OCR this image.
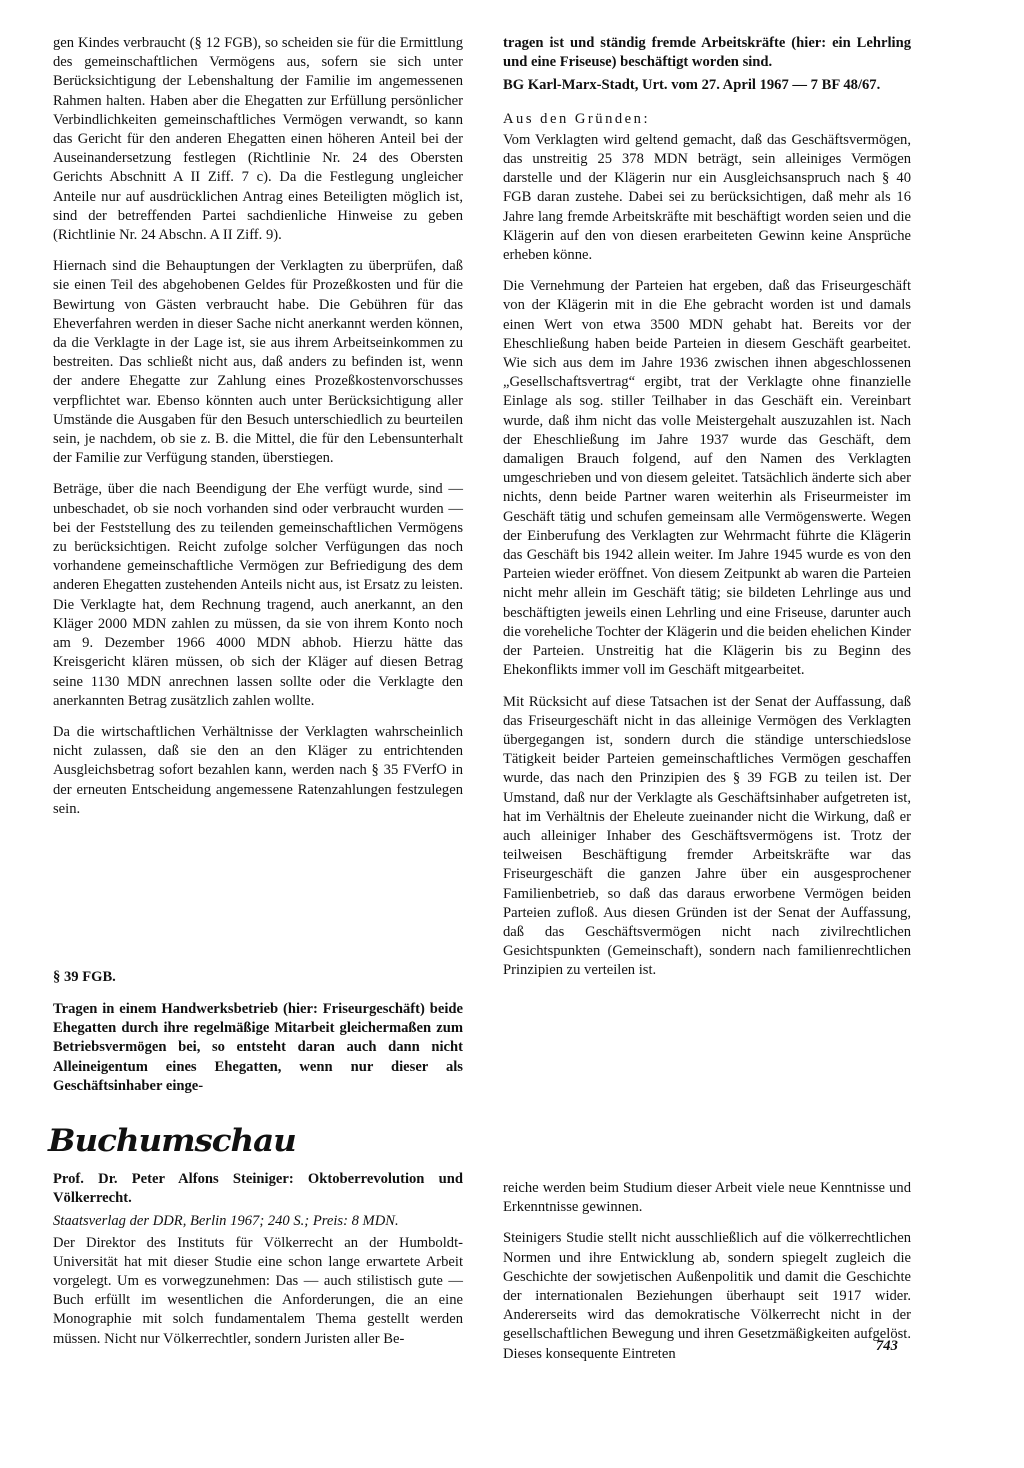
gen Kindes verbraucht (§ 12 FGB), so scheiden sie für die Ermittlung des gemeinschaftlichen Vermögens aus, sofern sie sich unter Berücksichtigung der Lebenshaltung der Familie im angemessenen Rahmen halten. Haben aber die Ehegatten zur Erfüllung persönlicher Verbindlichkeiten gemeinschaftliches Vermögen verwandt, so kann das Gericht für den anderen Ehegatten einen höheren Anteil bei der Auseinandersetzung festlegen (Richtlinie Nr. 24 des Obersten Gerichts Abschnitt A II Ziff. 7 c). Da die Festlegung ungleicher Anteile nur auf ausdrücklichen Antrag eines Beteiligten möglich ist, sind der betreffenden Partei sachdienliche Hinweise zu geben (Richtlinie Nr. 24 Abschn. A II Ziff. 9).

Hiernach sind die Behauptungen der Verklagten zu überprüfen, daß sie einen Teil des abgehobenen Geldes für Prozeßkosten und für die Bewirtung von Gästen verbraucht habe. Die Gebühren für das Eheverfahren werden in dieser Sache nicht anerkannt werden können, da die Verklagte in der Lage ist, sie aus ihrem Arbeitseinkommen zu bestreiten. Das schließt nicht aus, daß anders zu befinden ist, wenn der andere Ehegatte zur Zahlung eines Prozeßkostenvorschusses verpflichtet war. Ebenso könnten auch unter Berücksichtigung aller Umstände die Ausgaben für den Besuch unterschiedlich zu beurteilen sein, je nachdem, ob sie z. B. die Mittel, die für den Lebensunterhalt der Familie zur Verfügung standen, überstiegen.

Beträge, über die nach Beendigung der Ehe verfügt wurde, sind — unbeschadet, ob sie noch vorhanden sind oder verbraucht wurden — bei der Feststellung des zu teilenden gemeinschaftlichen Vermögens zu berücksichtigen. Reicht zufolge solcher Verfügungen das noch vorhandene gemeinschaftliche Vermögen zur Befriedigung des dem anderen Ehegatten zustehenden Anteils nicht aus, ist Ersatz zu leisten. Die Verklagte hat, dem Rechnung tragend, auch anerkannt, an den Kläger 2000 MDN zahlen zu müssen, da sie von ihrem Konto noch am 9. Dezember 1966 4000 MDN abhob. Hierzu hätte das Kreisgericht klären müssen, ob sich der Kläger auf diesen Betrag seine 1130 MDN anrechnen lassen sollte oder die Verklagte den anerkannten Betrag zusätzlich zahlen wollte.

Da die wirtschaftlichen Verhältnisse der Verklagten wahrscheinlich nicht zulassen, daß sie den an den Kläger zu entrichtenden Ausgleichsbetrag sofort bezahlen kann, werden nach § 35 FVerfO in der erneuten Entscheidung angemessene Ratenzahlungen festzulegen sein.

§ 39 FGB.
Tragen in einem Handwerksbetrieb (hier: Friseurgeschäft) beide Ehegatten durch ihre regelmäßige Mitarbeit gleichermaßen zum Betriebsvermögen bei, so entsteht daran auch dann nicht Alleineigentum eines Ehegatten, wenn nur dieser als Geschäftsinhaber einge-

tragen ist und ständig fremde Arbeitskräfte (hier: ein Lehrling und eine Friseuse) beschäftigt worden sind.

BG Karl-Marx-Stadt, Urt. vom 27. April 1967 — 7 BF 48/67.

Aus den Gründen:

Vom Verklagten wird geltend gemacht, daß das Geschäftsvermögen, das unstreitig 25 378 MDN beträgt, sein alleiniges Vermögen darstelle und der Klägerin nur ein Ausgleichsanspruch nach § 40 FGB daran zustehe. Dabei sei zu berücksichtigen, daß mehr als 16 Jahre lang fremde Arbeitskräfte mit beschäftigt worden seien und die Klägerin auf den von diesen erarbeiteten Gewinn keine Ansprüche erheben könne.

Die Vernehmung der Parteien hat ergeben, daß das Friseurgeschäft von der Klägerin mit in die Ehe gebracht worden ist und damals einen Wert von etwa 3500 MDN gehabt hat. Bereits vor der Eheschließung haben beide Parteien in diesem Geschäft gearbeitet. Wie sich aus dem im Jahre 1936 zwischen ihnen abgeschlossenen „Gesellschaftsvertrag“ ergibt, trat der Verklagte ohne finanzielle Einlage als sog. stiller Teilhaber in das Geschäft ein. Vereinbart wurde, daß ihm nicht das volle Meistergehalt auszuzahlen ist. Nach der Eheschließung im Jahre 1937 wurde das Geschäft, dem damaligen Brauch folgend, auf den Namen des Verklagten umgeschrieben und von diesem geleitet. Tatsächlich änderte sich aber nichts, denn beide Partner waren weiterhin als Friseurmeister im Geschäft tätig und schufen gemeinsam alle Vermögenswerte. Wegen der Einberufung des Verklagten zur Wehrmacht führte die Klägerin das Geschäft bis 1942 allein weiter. Im Jahre 1945 wurde es von den Parteien wieder eröffnet. Von diesem Zeitpunkt ab waren die Parteien nicht mehr allein im Geschäft tätig; sie bildeten Lehrlinge aus und beschäftigten jeweils einen Lehrling und eine Friseuse, darunter auch die voreheliche Tochter der Klägerin und die beiden ehelichen Kinder der Parteien. Unstreitig hat die Klägerin bis zu Beginn des Ehekonflikts immer voll im Geschäft mitgearbeitet.

Mit Rücksicht auf diese Tatsachen ist der Senat der Auffassung, daß das Friseurgeschäft nicht in das alleinige Vermögen des Verklagten übergegangen ist, sondern durch die ständige unterschiedslose Tätigkeit beider Parteien gemeinschaftliches Vermögen geschaffen wurde, das nach den Prinzipien des § 39 FGB zu teilen ist. Der Umstand, daß nur der Verklagte als Geschäftsinhaber aufgetreten ist, hat im Verhältnis der Eheleute zueinander nicht die Wirkung, daß er auch alleiniger Inhaber des Geschäftsvermögens ist. Trotz der teilweisen Beschäftigung fremder Arbeitskräfte war das Friseurgeschäft die ganzen Jahre über ein ausgesprochener Familienbetrieb, so daß das daraus erworbene Vermögen beiden Parteien zufloß. Aus diesen Gründen ist der Senat der Auffassung, daß das Geschäftsvermögen nicht nach zivilrechtlichen Gesichtspunkten (Gemeinschaft), sondern nach familienrechtlichen Prinzipien zu verteilen ist.

Buchumschau

Prof. Dr. Peter Alfons Steiniger: Oktoberrevolution und Völkerrecht.

Staatsverlag der DDR, Berlin 1967; 240 S.; Preis: 8 MDN.

Der Direktor des Instituts für Völkerrecht an der Humboldt-Universität hat mit dieser Studie eine schon lange erwartete Arbeit vorgelegt. Um es vorwegzunehmen: Das — auch stilistisch gute — Buch erfüllt im wesentlichen die Anforderungen, die an eine Monographie mit solch fundamentalem Thema gestellt werden müssen. Nicht nur Völkerrechtler, sondern Juristen aller Be-

reiche werden beim Studium dieser Arbeit viele neue Kenntnisse und Erkenntnisse gewinnen.

Steinigers Studie stellt nicht ausschließlich auf die völkerrechtlichen Normen und ihre Entwicklung ab, sondern spiegelt zugleich die Geschichte der sowjetischen Außenpolitik und damit die Geschichte der internationalen Beziehungen überhaupt seit 1917 wider. Andererseits wird das demokratische Völkerrecht nicht in der gesellschaftlichen Bewegung und ihren Gesetzmäßigkeiten aufgelöst. Dieses konsequente Eintreten	743
